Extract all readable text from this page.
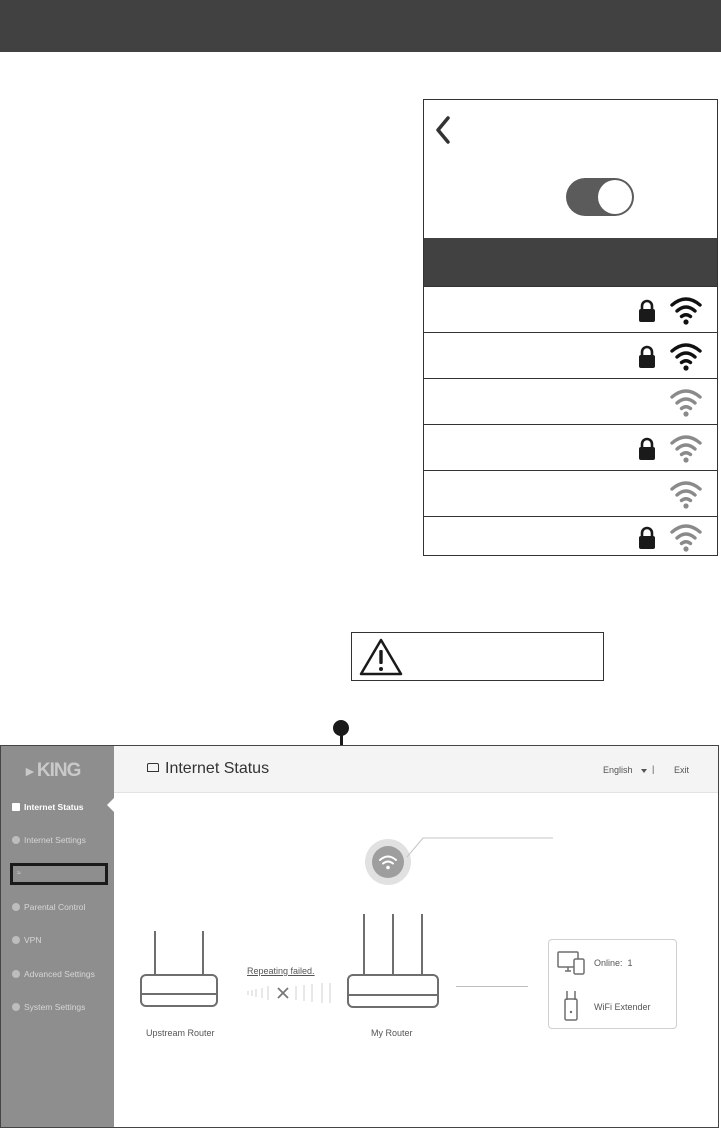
►KING
Internet Status
Internet Settings
≈
Parental Control
VPN
Advanced Settings
System Settings
Internet Status	English | Exit
Upstream Router
Repeating failed.
My Router
Online: 1
WiFi Extender
